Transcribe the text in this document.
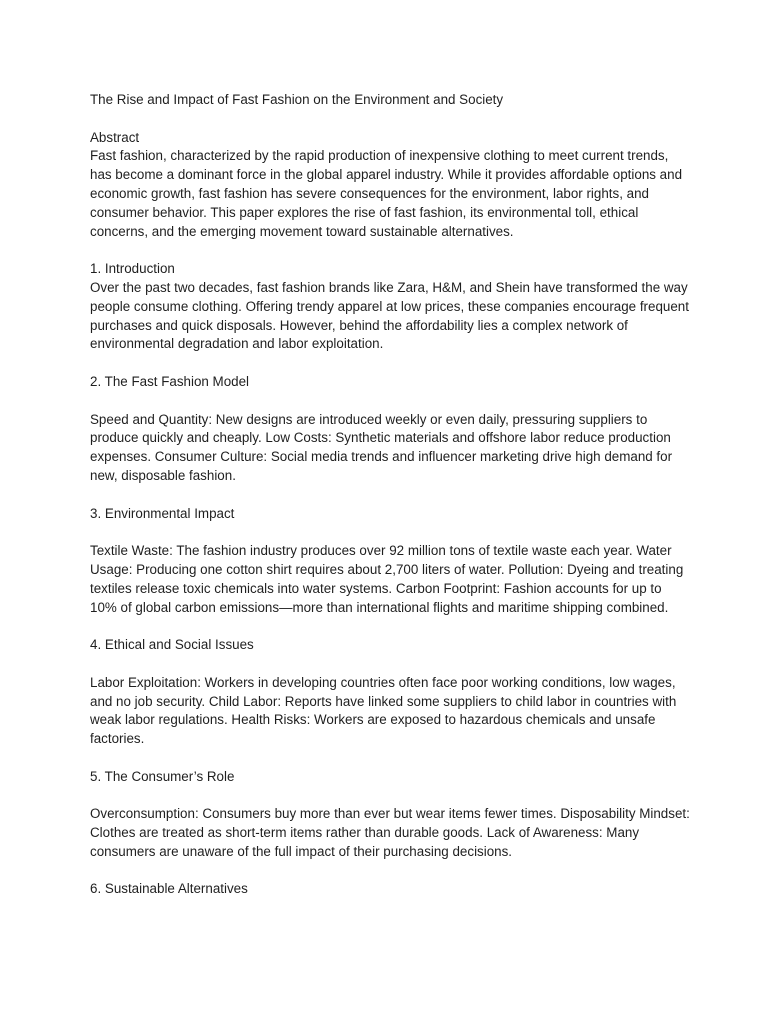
The Rise and Impact of Fast Fashion on the Environment and Society

Abstract

Fast fashion, characterized by the rapid production of inexpensive clothing to meet current trends, has become a dominant force in the global apparel industry. While it provides affordable options and economic growth, fast fashion has severe consequences for the environment, labor rights, and consumer behavior. This paper explores the rise of fast fashion, its environmental toll, ethical concerns, and the emerging movement toward sustainable alternatives.

1. Introduction

Over the past two decades, fast fashion brands like Zara, H&M, and Shein have transformed the way people consume clothing. Offering trendy apparel at low prices, these companies encourage frequent purchases and quick disposals. However, behind the affordability lies a complex network of environmental degradation and labor exploitation.

2. The Fast Fashion Model

Speed and Quantity: New designs are introduced weekly or even daily, pressuring suppliers to produce quickly and cheaply. Low Costs: Synthetic materials and offshore labor reduce production expenses. Consumer Culture: Social media trends and influencer marketing drive high demand for new, disposable fashion.

3. Environmental Impact

Textile Waste: The fashion industry produces over 92 million tons of textile waste each year. Water Usage: Producing one cotton shirt requires about 2,700 liters of water. Pollution: Dyeing and treating textiles release toxic chemicals into water systems. Carbon Footprint: Fashion accounts for up to 10% of global carbon emissions—more than international flights and maritime shipping combined.

4. Ethical and Social Issues

Labor Exploitation: Workers in developing countries often face poor working conditions, low wages, and no job security. Child Labor: Reports have linked some suppliers to child labor in countries with weak labor regulations. Health Risks: Workers are exposed to hazardous chemicals and unsafe factories.

5. The Consumer’s Role

Overconsumption: Consumers buy more than ever but wear items fewer times. Disposability Mindset: Clothes are treated as short-term items rather than durable goods. Lack of Awareness: Many consumers are unaware of the full impact of their purchasing decisions.

6. Sustainable Alternatives
